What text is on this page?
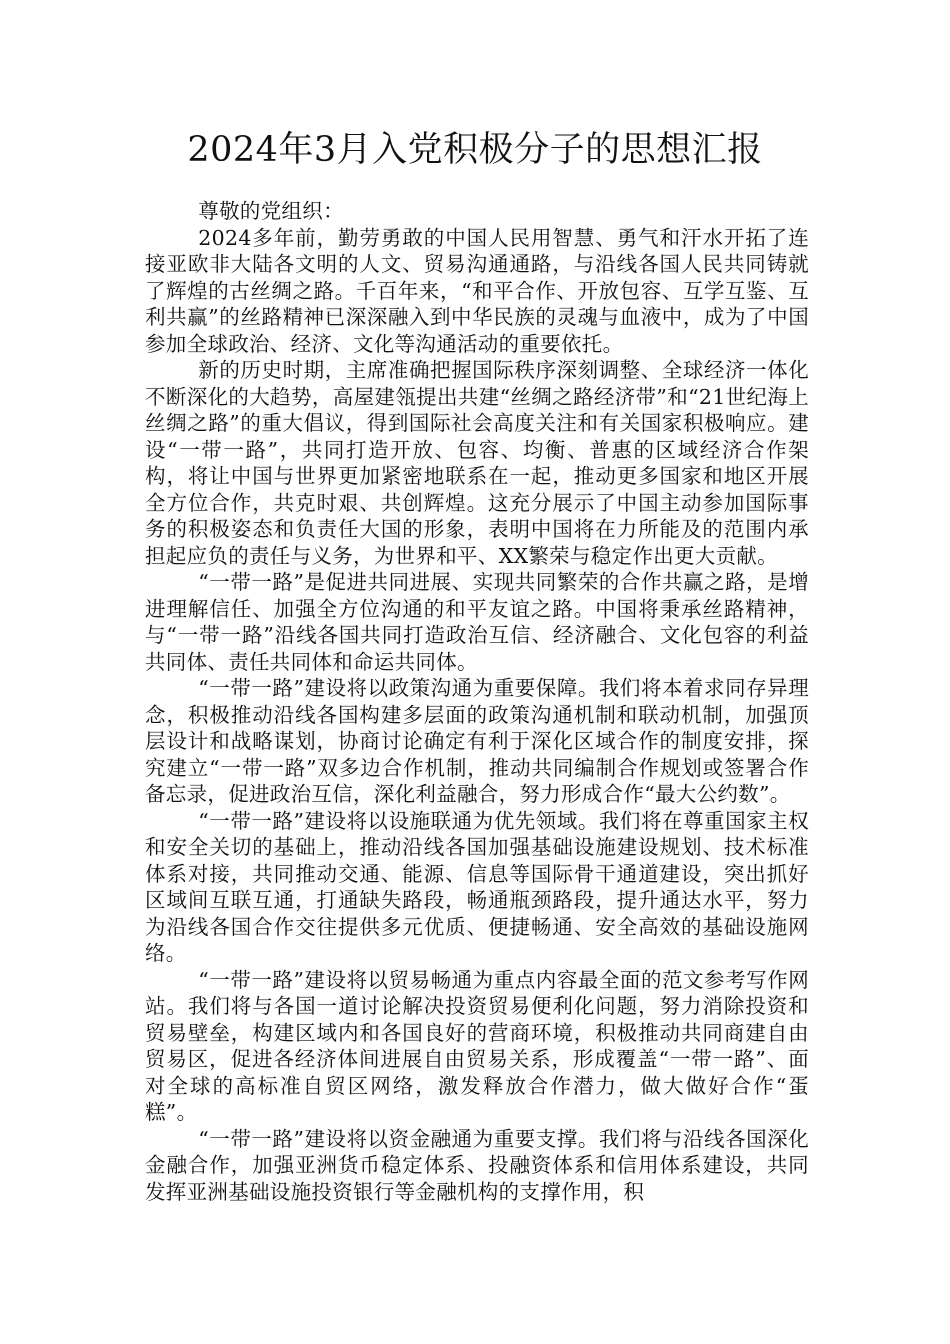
2024年3月入党积极分子的思想汇报

尊敬的党组织：

2024多年前，勤劳勇敢的中国人民用智慧、勇气和汗水开拓了连接亚欧非大陆各文明的人文、贸易沟通通路，与沿线各国人民共同铸就了辉煌的古丝绸之路。千百年来，“和平合作、开放包容、互学互鉴、互利共赢”的丝路精神已深深融入到中华民族的灵魂与血液中，成为了中国参加全球政治、经济、文化等沟通活动的重要依托。

新的历史时期，主席准确把握国际秩序深刻调整、全球经济一体化不断深化的大趋势，高屋建瓴提出共建“丝绸之路经济带”和“21世纪海上丝绸之路”的重大倡议，得到国际社会高度关注和有关国家积极响应。建设“一带一路”，共同打造开放、包容、均衡、普惠的区域经济合作架构，将让中国与世界更加紧密地联系在一起，推动更多国家和地区开展全方位合作，共克时艰、共创辉煌。这充分展示了中国主动参加国际事务的积极姿态和负责任大国的形象，表明中国将在力所能及的范围内承担起应负的责任与义务，为世界和平、XX繁荣与稳定作出更大贡献。

“一带一路”是促进共同进展、实现共同繁荣的合作共赢之路，是增进理解信任、加强全方位沟通的和平友谊之路。中国将秉承丝路精神，与“一带一路”沿线各国共同打造政治互信、经济融合、文化包容的利益共同体、责任共同体和命运共同体。

“一带一路”建设将以政策沟通为重要保障。我们将本着求同存异理念，积极推动沿线各国构建多层面的政策沟通机制和联动机制，加强顶层设计和战略谋划，协商讨论确定有利于深化区域合作的制度安排，探究建立“一带一路”双多边合作机制，推动共同编制合作规划或签署合作备忘录，促进政治互信，深化利益融合，努力形成合作“最大公约数”。

“一带一路”建设将以设施联通为优先领域。我们将在尊重国家主权和安全关切的基础上，推动沿线各国加强基础设施建设规划、技术标准体系对接，共同推动交通、能源、信息等国际骨干通道建设，突出抓好区域间互联互通，打通缺失路段，畅通瓶颈路段，提升通达水平，努力为沿线各国合作交往提供多元优质、便捷畅通、安全高效的基础设施网络。

“一带一路”建设将以贸易畅通为重点内容最全面的范文参考写作网站。我们将与各国一道讨论解决投资贸易便利化问题，努力消除投资和贸易壁垒，构建区域内和各国良好的营商环境，积极推动共同商建自由贸易区，促进各经济体间进展自由贸易关系，形成覆盖“一带一路”、面对全球的高标准自贸区网络，激发释放合作潜力，做大做好合作“蛋糕”。

“一带一路”建设将以资金融通为重要支撑。我们将与沿线各国深化金融合作，加强亚洲货币稳定体系、投融资体系和信用体系建设，共同发挥亚洲基础设施投资银行等金融机构的支撑作用，积
